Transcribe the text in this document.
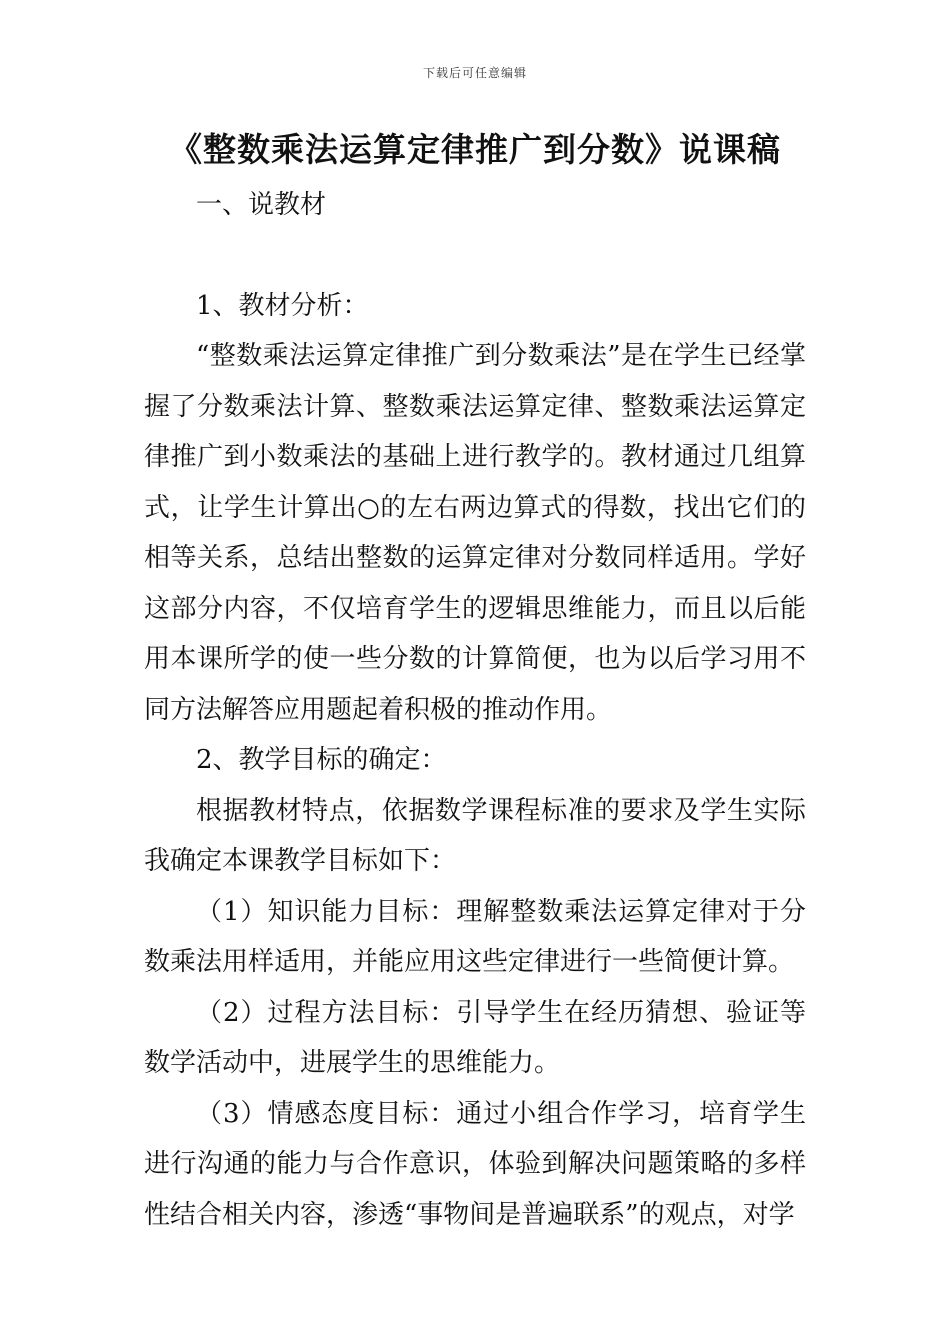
下载后可任意编辑
《整数乘法运算定律推广到分数》说课稿

一、说教材

1、教材分析：

“整数乘法运算定律推广到分数乘法”是在学生已经掌握了分数乘法计算、整数乘法运算定律、整数乘法运算定律推广到小数乘法的基础上进行教学的。教材通过几组算式，让学生计算出○的左右两边算式的得数，找出它们的相等关系，总结出整数的运算定律对分数同样适用。学好这部分内容，不仅培育学生的逻辑思维能力，而且以后能用本课所学的使一些分数的计算简便，也为以后学习用不同方法解答应用题起着积极的推动作用。

2、教学目标的确定：

根据教材特点，依据数学课程标准的要求及学生实际我确定本课教学目标如下：

（1）知识能力目标：理解整数乘法运算定律对于分数乘法用样适用，并能应用这些定律进行一些简便计算。

（2）过程方法目标：引导学生在经历猜想、验证等数学活动中，进展学生的思维能力。

（3）情感态度目标：通过小组合作学习，培育学生进行沟通的能力与合作意识，体验到解决问题策略的多样性结合相关内容，渗透“事物间是普遍联系”的观点，对学
